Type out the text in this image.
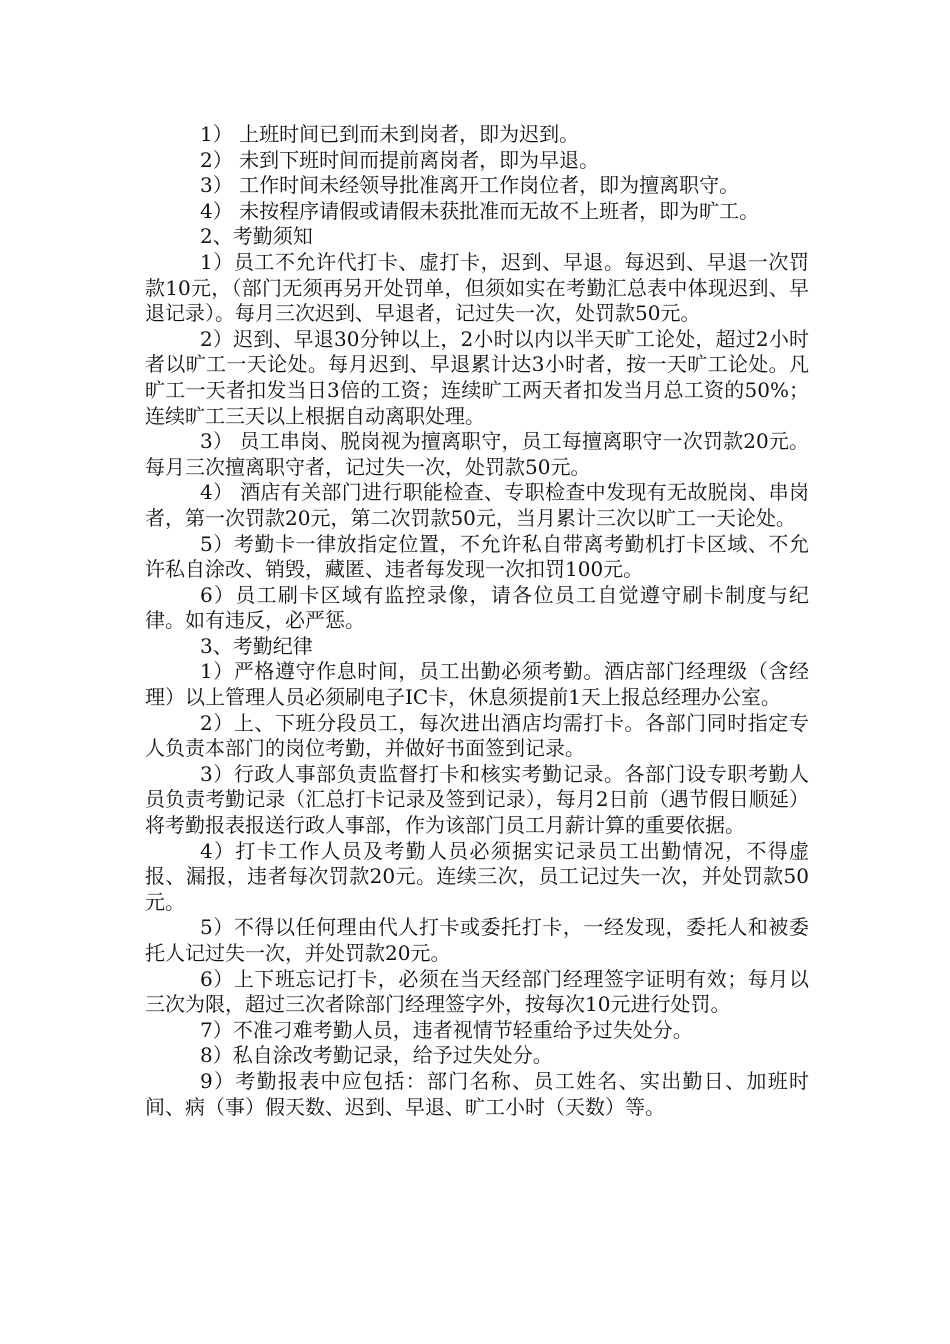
1） 上班时间已到而未到岗者，即为迟到。

2） 未到下班时间而提前离岗者，即为早退。

3） 工作时间未经领导批准离开工作岗位者，即为擅离职守。

4） 未按程序请假或请假未获批准而无故不上班者，即为旷工。

2、考勤须知

1）员工不允许代打卡、虚打卡，迟到、早退。每迟到、早退一次罚款10元，（部门无须再另开处罚单，但须如实在考勤汇总表中体现迟到、早退记录）。每月三次迟到、早退者，记过失一次，处罚款50元。

2）迟到、早退30分钟以上，2小时以内以半天旷工论处，超过2小时者以旷工一天论处。每月迟到、早退累计达3小时者，按一天旷工论处。凡旷工一天者扣发当日3倍的工资；连续旷工两天者扣发当月总工资的50%；连续旷工三天以上根据自动离职处理。

3） 员工串岗、脱岗视为擅离职守，员工每擅离职守一次罚款20元。每月三次擅离职守者，记过失一次，处罚款50元。

4） 酒店有关部门进行职能检查、专职检查中发现有无故脱岗、串岗者，第一次罚款20元，第二次罚款50元，当月累计三次以旷工一天论处。

5）考勤卡一律放指定位置，不允许私自带离考勤机打卡区域、不允许私自涂改、销毁，藏匿、违者每发现一次扣罚100元。

6）员工刷卡区域有监控录像，请各位员工自觉遵守刷卡制度与纪律。如有违反，必严惩。

3、考勤纪律

1）严格遵守作息时间，员工出勤必须考勤。酒店部门经理级（含经理）以上管理人员必须刷电子IC卡，休息须提前1天上报总经理办公室。

2）上、下班分段员工，每次进出酒店均需打卡。各部门同时指定专人负责本部门的岗位考勤，并做好书面签到记录。

3）行政人事部负责监督打卡和核实考勤记录。各部门设专职考勤人员负责考勤记录（汇总打卡记录及签到记录），每月2日前（遇节假日顺延）将考勤报表报送行政人事部，作为该部门员工月薪计算的重要依据。

4）打卡工作人员及考勤人员必须据实记录员工出勤情况，不得虚报、漏报，违者每次罚款20元。连续三次，员工记过失一次，并处罚款50元。

5）不得以任何理由代人打卡或委托打卡，一经发现，委托人和被委托人记过失一次，并处罚款20元。

6）上下班忘记打卡，必须在当天经部门经理签字证明有效；每月以三次为限，超过三次者除部门经理签字外，按每次10元进行处罚。

7）不准刁难考勤人员，违者视情节轻重给予过失处分。

8）私自涂改考勤记录，给予过失处分。

9）考勤报表中应包括：部门名称、员工姓名、实出勤日、加班时间、病（事）假天数、迟到、早退、旷工小时（天数）等。
